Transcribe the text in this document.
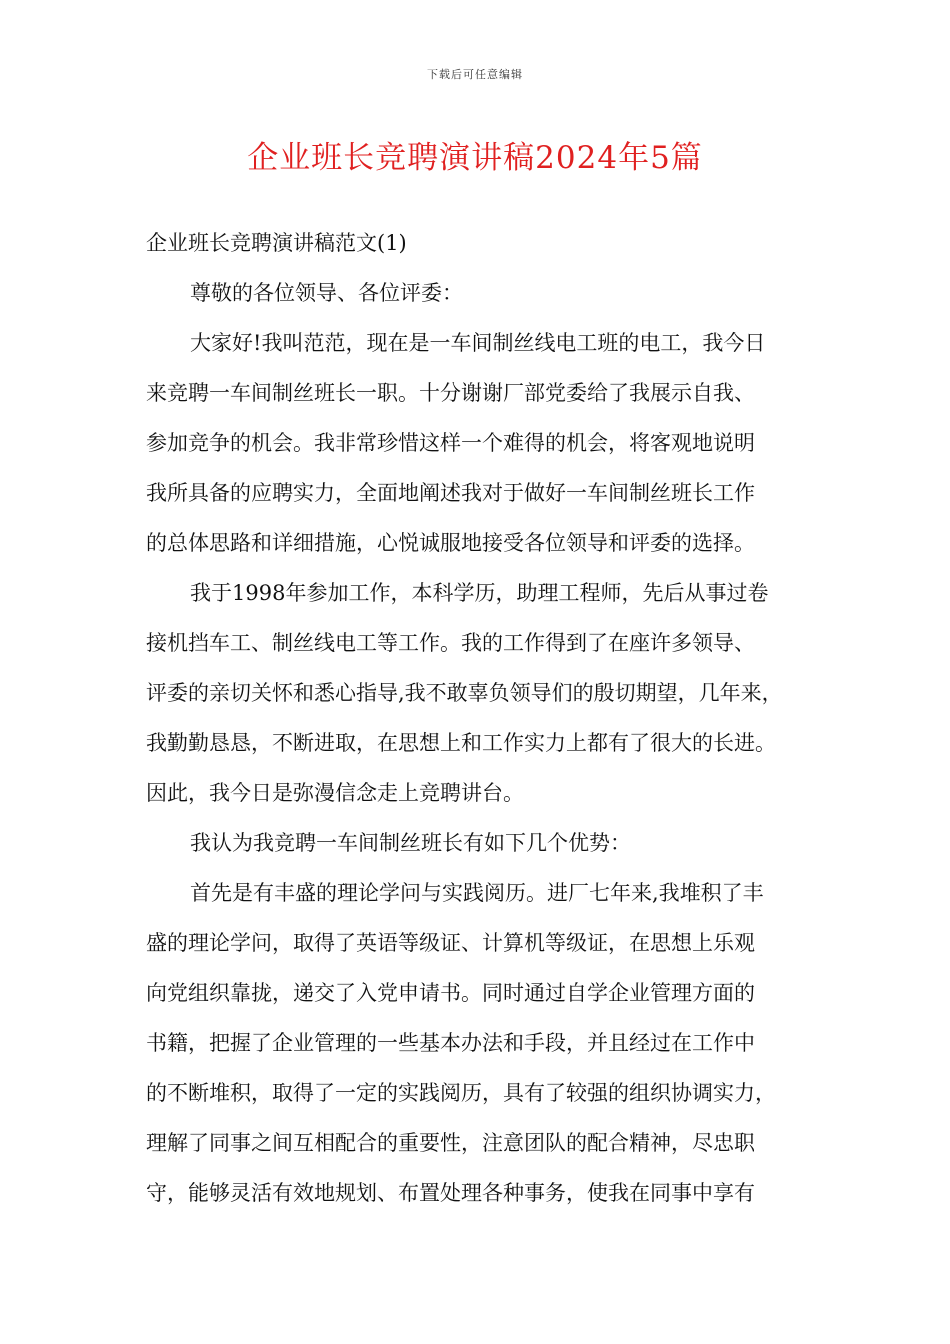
下载后可任意编辑
企业班长竞聘演讲稿2024年5篇
企业班长竞聘演讲稿范文(1)
尊敬的各位领导、各位评委：
大家好!我叫范范，现在是一车间制丝线电工班的电工，我今日
来竞聘一车间制丝班长一职。十分谢谢厂部党委给了我展示自我、
参加竞争的机会。我非常珍惜这样一个难得的机会，将客观地说明
我所具备的应聘实力，全面地阐述我对于做好一车间制丝班长工作
的总体思路和详细措施，心悦诚服地接受各位领导和评委的选择。
我于1998年参加工作，本科学历，助理工程师，先后从事过卷
接机挡车工、制丝线电工等工作。我的工作得到了在座许多领导、
评委的亲切关怀和悉心指导,我不敢辜负领导们的殷切期望，几年来，
我勤勤恳恳，不断进取，在思想上和工作实力上都有了很大的长进。
因此，我今日是弥漫信念走上竞聘讲台。
我认为我竞聘一车间制丝班长有如下几个优势：
首先是有丰盛的理论学问与实践阅历。进厂七年来,我堆积了丰
盛的理论学问，取得了英语等级证、计算机等级证，在思想上乐观
向党组织靠拢，递交了入党申请书。同时通过自学企业管理方面的
书籍，把握了企业管理的一些基本办法和手段，并且经过在工作中
的不断堆积，取得了一定的实践阅历，具有了较强的组织协调实力，
理解了同事之间互相配合的重要性，注意团队的配合精神，尽忠职
守，能够灵活有效地规划、布置处理各种事务，使我在同事中享有
